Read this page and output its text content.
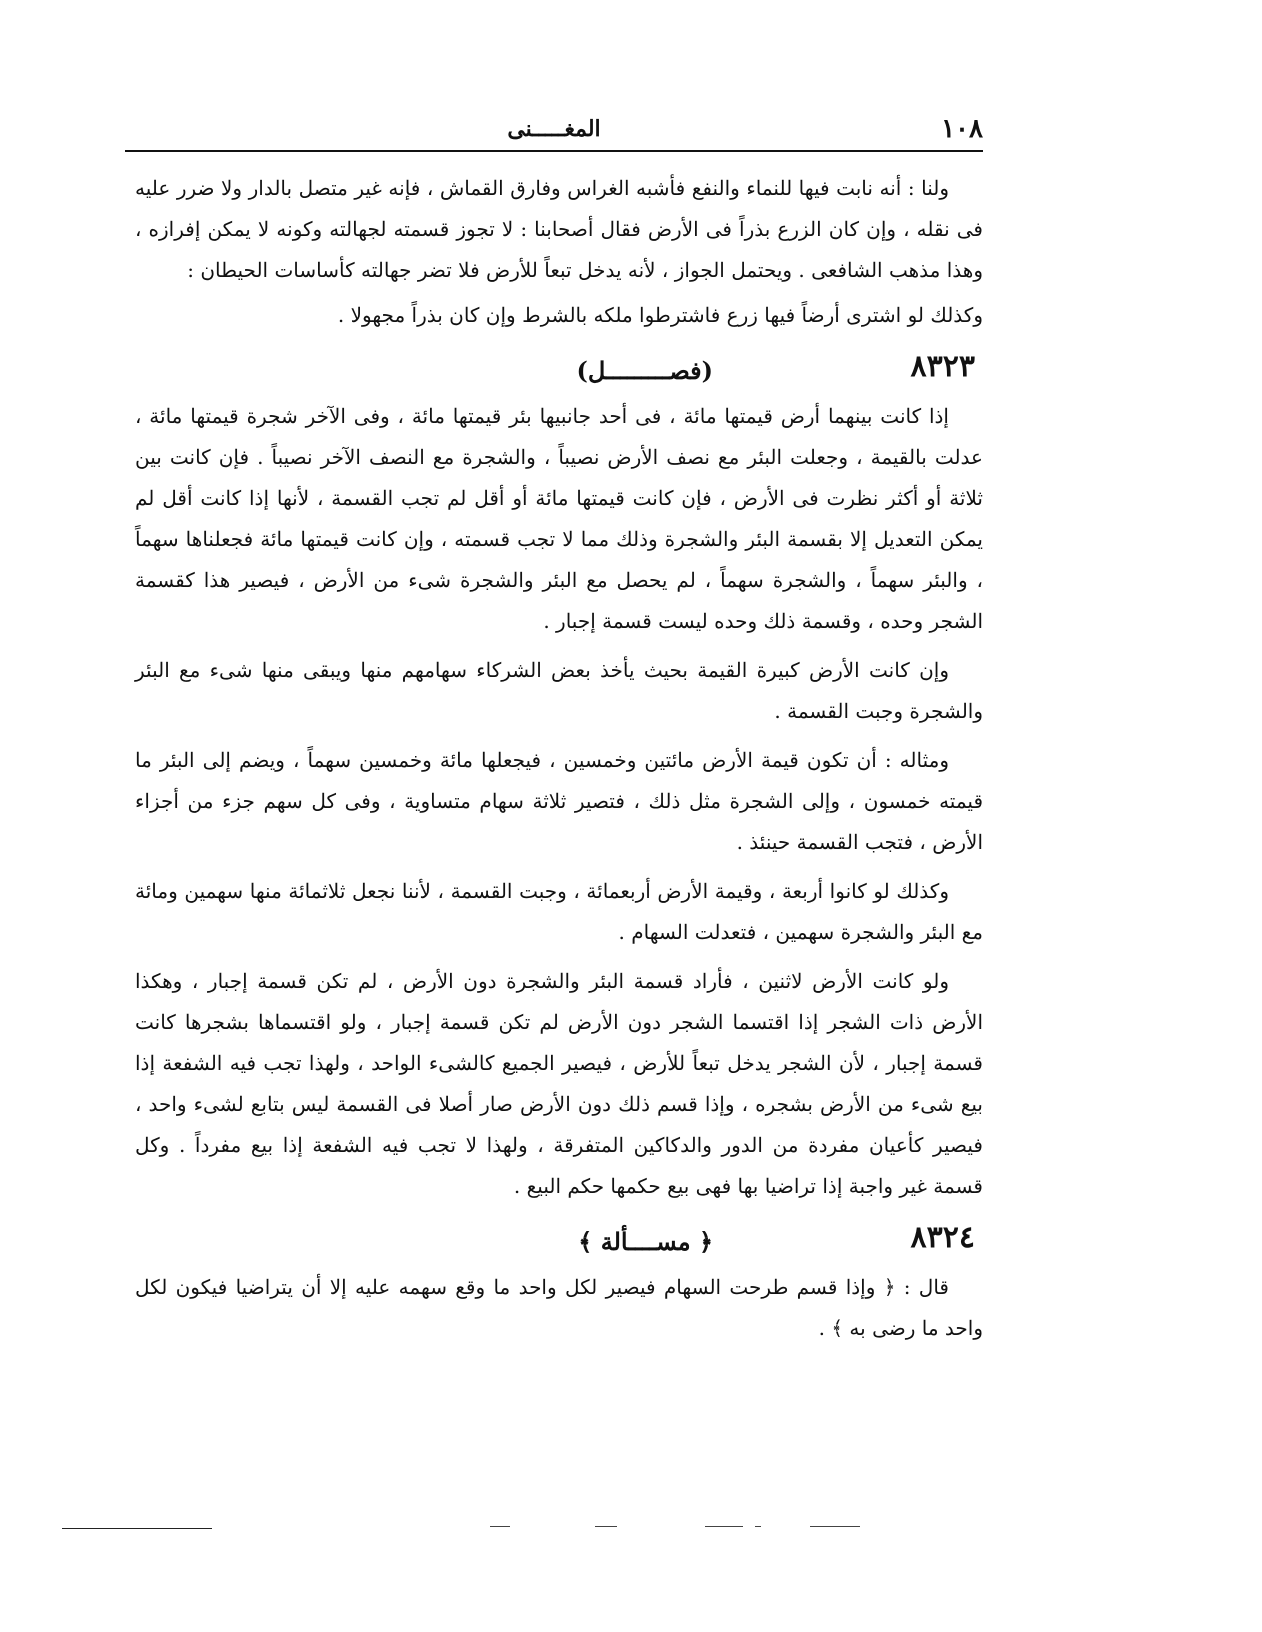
١٠٨
المغـــــنى

ولنا : أنه نابت فيها للنماء والنفع فأشبه الغراس وفارق القماش ، فإنه غير متصل بالدار ولا ضرر عليه فى نقله ، وإن كان الزرع بذراً فى الأرض فقال أصحابنا : لا تجوز قسمته لجهالته وكونه لا يمكن إفرازه ، وهذا مذهب الشافعى . ويحتمل الجواز ، لأنه يدخل تبعاً للأرض فلا تضر جهالته كأساسات الحيطان :

وكذلك لو اشترى أرضاً فيها زرع فاشترطوا ملكه بالشرط وإن كان بذراً مجهولا .

٨٣٢٣
(فصـــــــــل)

إذا كانت بينهما أرض قيمتها مائة ، فى أحد جانبيها بئر قيمتها مائة ، وفى الآخر شجرة قيمتها مائة ، عدلت بالقيمة ، وجعلت البئر مع نصف الأرض نصيباً ، والشجرة مع النصف الآخر نصيباً . فإن كانت بين ثلاثة أو أكثر نظرت فى الأرض ، فإن كانت قيمتها مائة أو أقل لم تجب القسمة ، لأنها إذا كانت أقل لم يمكن التعديل إلا بقسمة البئر والشجرة وذلك مما لا تجب قسمته ، وإن كانت قيمتها مائة فجعلناها سهماً ، والبئر سهماً ، والشجرة سهماً ، لم يحصل مع البئر والشجرة شىء من الأرض ، فيصير هذا كقسمة الشجر وحده ، وقسمة ذلك وحده ليست قسمة إجبار .

وإن كانت الأرض كبيرة القيمة بحيث يأخذ بعض الشركاء سهامهم منها ويبقى منها شىء مع البئر والشجرة وجبت القسمة .

ومثاله : أن تكون قيمة الأرض مائتين وخمسين ، فيجعلها مائة وخمسين سهماً ، ويضم إلى البئر ما قيمته خمسون ، وإلى الشجرة مثل ذلك ، فتصير ثلاثة سهام متساوية ، وفى كل سهم جزء من أجزاء الأرض ، فتجب القسمة حينئذ .

وكذلك لو كانوا أربعة ، وقيمة الأرض أربعمائة ، وجبت القسمة ، لأننا نجعل ثلاثمائة منها سهمين ومائة مع البئر والشجرة سهمين ، فتعدلت السهام .

ولو كانت الأرض لاثنين ، فأراد قسمة البئر والشجرة دون الأرض ، لم تكن قسمة إجبار ، وهكذا الأرض ذات الشجر إذا اقتسما الشجر دون الأرض لم تكن قسمة إجبار ، ولو اقتسماها بشجرها كانت قسمة إجبار ، لأن الشجر يدخل تبعاً للأرض ، فيصير الجميع كالشىء الواحد ، ولهذا تجب فيه الشفعة إذا بيع شىء من الأرض بشجره ، وإذا قسم ذلك دون الأرض صار أصلا فى القسمة ليس بتابع لشىء واحد ، فيصير كأعيان مفردة من الدور والدكاكين المتفرقة ، ولهذا لا تجب فيه الشفعة إذا بيع مفرداً . وكل قسمة غير واجبة إذا تراضيا بها فهى بيع حكمها حكم البيع .

٨٣٢٤
﴿ مســــألة ﴾

قال : ﴿ وإذا قسم طرحت السهام فيصير لكل واحد ما وقع سهمه عليه إلا أن يتراضيا فيكون لكل واحد ما رضى به ﴾ .
